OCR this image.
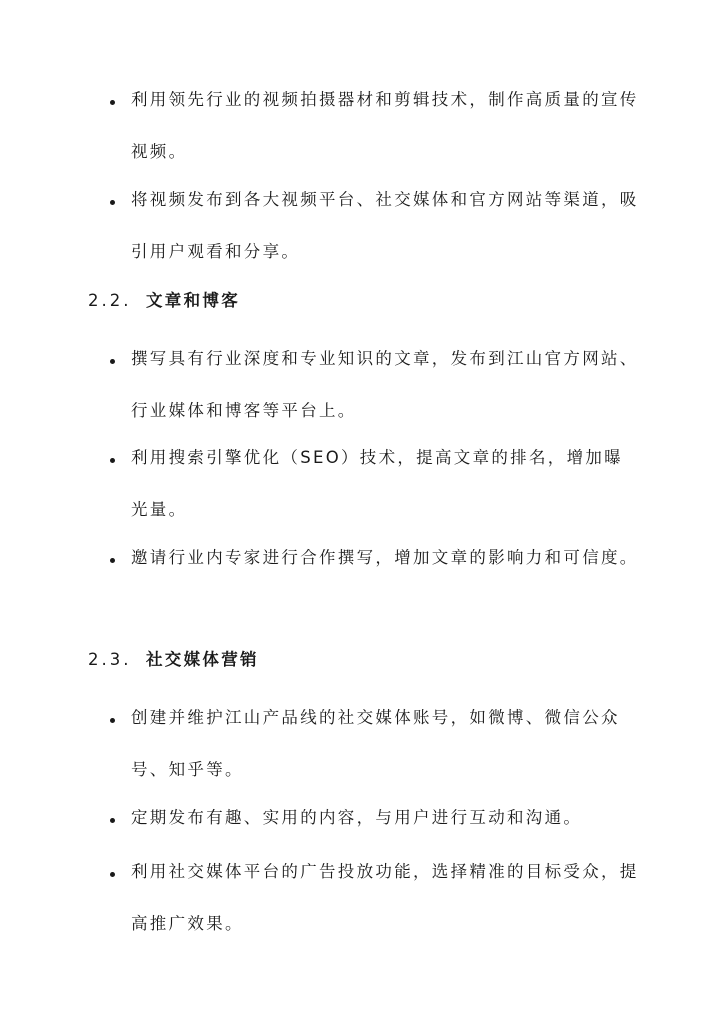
利用领先行业的视频拍摄器材和剪辑技术，制作高质量的宣传视频。
将视频发布到各大视频平台、社交媒体和官方网站等渠道，吸引用户观看和分享。
2.2. 文章和博客
撰写具有行业深度和专业知识的文章，发布到江山官方网站、行业媒体和博客等平台上。
利用搜索引擎优化（SEO）技术，提高文章的排名，增加曝光量。
邀请行业内专家进行合作撰写，增加文章的影响力和可信度。
2.3. 社交媒体营销
创建并维护江山产品线的社交媒体账号，如微博、微信公众号、知乎等。
定期发布有趣、实用的内容，与用户进行互动和沟通。
利用社交媒体平台的广告投放功能，选择精准的目标受众，提高推广效果。
